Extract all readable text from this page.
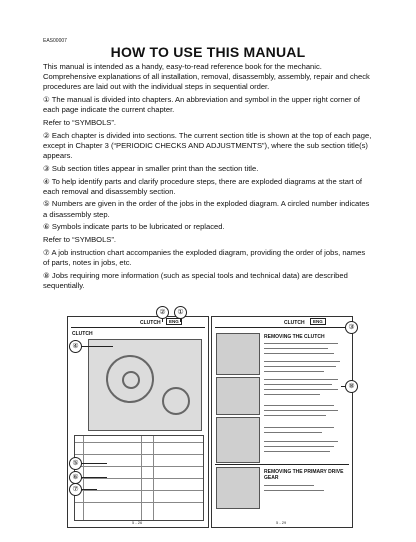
EAS00007
HOW TO USE THIS MANUAL

This manual is intended as a handy, easy-to-read reference book for the mechanic. Comprehensive explanations of all installation, removal, disassembly, assembly, repair and check procedures are laid out with the individual steps in sequential order.

① The manual is divided into chapters. An abbreviation and symbol in the upper right corner of each page indicate the current chapter.

Refer to “SYMBOLS”.

② Each chapter is divided into sections. The current section title is shown at the top of each page, except in Chapter 3 (“PERIODIC CHECKS AND ADJUSTMENTS”), where the sub section title(s) appears.

③ Sub section titles appear in smaller print than the section title.

④ To help identify parts and clarify procedure steps, there are exploded diagrams at the start of each removal and disassembly section.

⑤ Numbers are given in the order of the jobs in the exploded diagram. A circled number indicates a disassembly step.

⑥ Symbols indicate parts to be lubricated or replaced.

Refer to “SYMBOLS”.

⑦ A job instruction chart accompanies the exploded diagram, providing the order of jobs, names of parts, notes in jobs, etc.

⑧ Jobs requiring more information (such as special tools and technical data) are described sequentially.

CLUTCH	ENG
CLUTCH
5 - 26
CLUTCH	ENG
REMOVING THE CLUTCH
REMOVING THE PRIMARY DRIVE GEAR
5 - 29
②	①
④
⑤
⑥
⑦
③
⑧
